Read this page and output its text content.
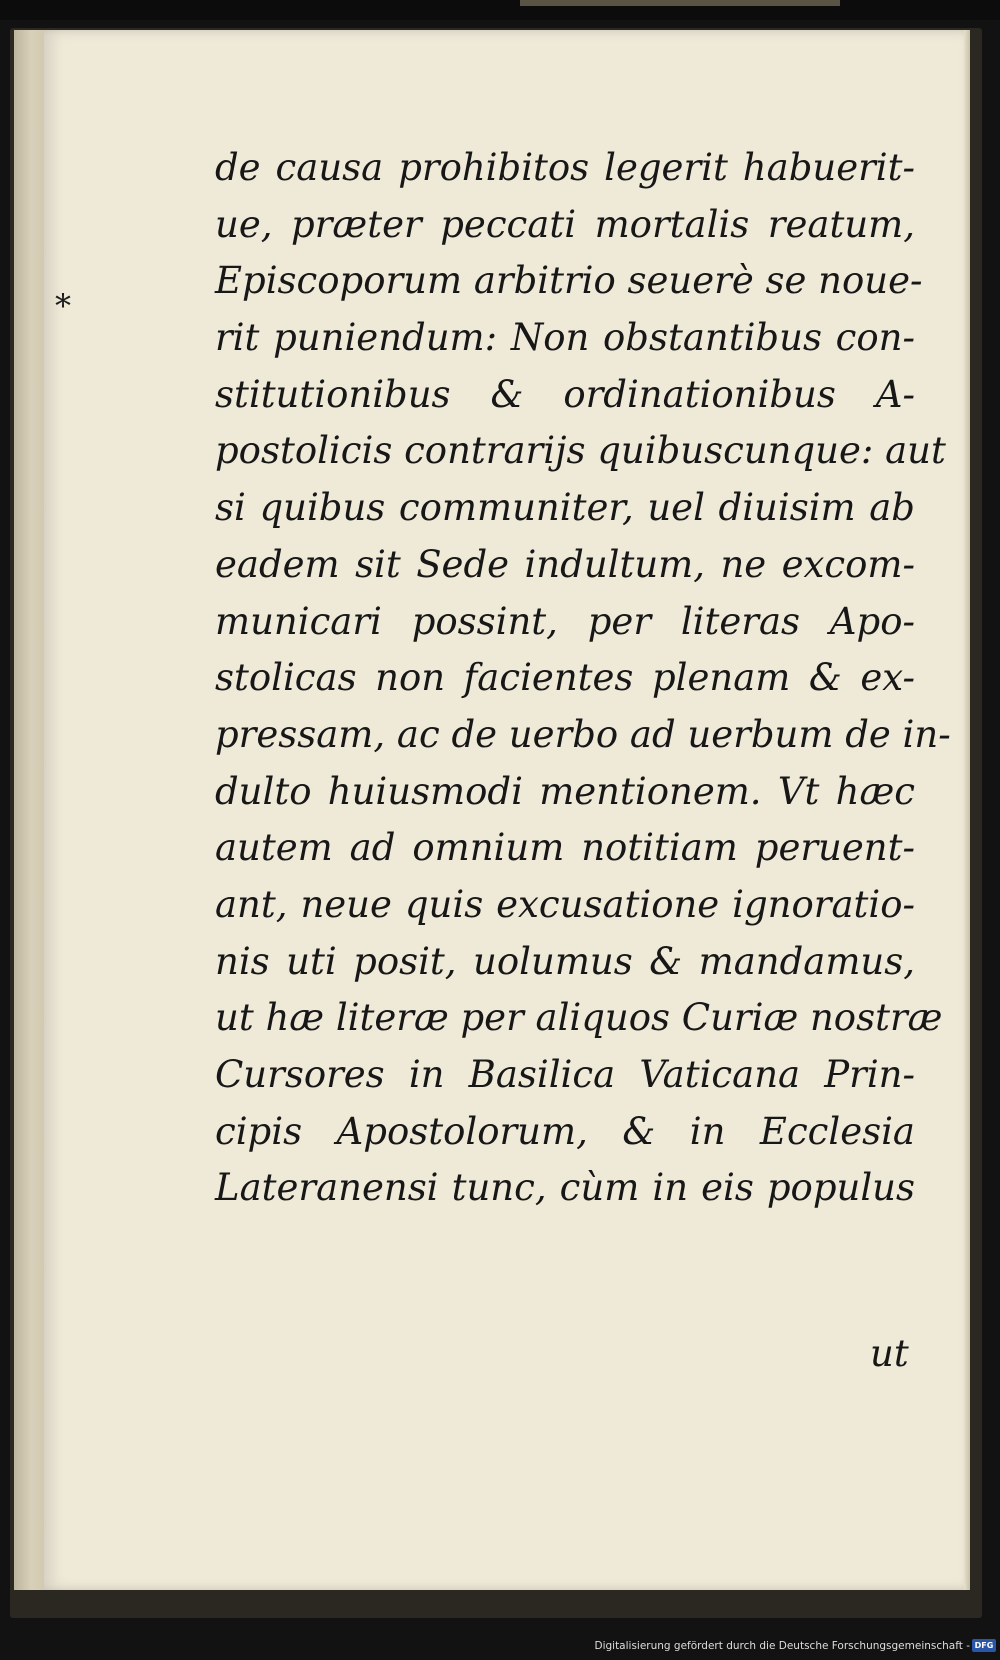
*
de causa prohibitos legerit habuerit-
ue, præter peccati mortalis reatum,
Episcoporum arbitrio seuerè se noue-
rit puniendum: Non obstantibus con-
stitutionibus & ordinationibus A-
postolicis contrarijs quibuscunque: aut
si quibus communiter, uel diuisim ab
eadem sit Sede indultum, ne excom-
municari possint, per literas Apo-
stolicas non facientes plenam & ex-
pressam, ac de uerbo ad uerbum de in-
dulto huiusmodi mentionem. Vt hæc
autem ad omnium notitiam peruent-
ant, neue quis excusatione ignoratio-
nis uti posit, uolumus & mandamus,
ut hæ literæ per aliquos Curiæ nostræ
Cursores in Basilica Vaticana Prin-
cipis Apostolorum, & in Ecclesia
Lateranensi tunc, cùm in eis populus
ut
Digitalisierung gefördert durch die Deutsche Forschungsgemeinschaft - DFG
